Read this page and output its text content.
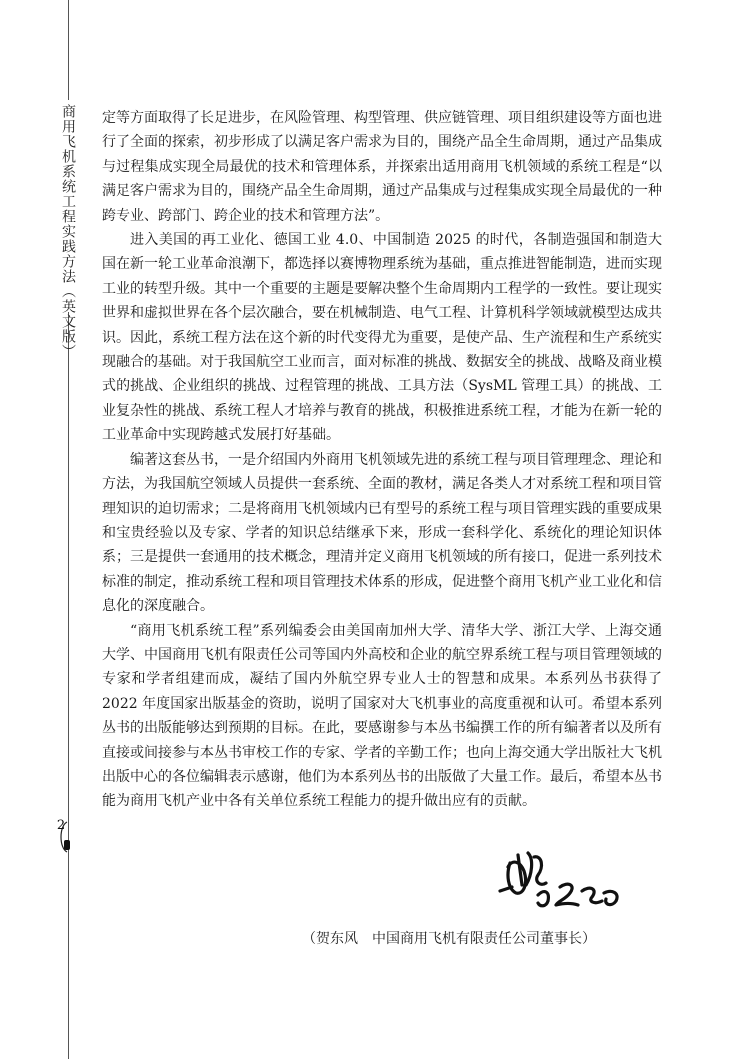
商用飞机系统工程实践方法（英文版）
2

定等方面取得了长足进步，在风险管理、构型管理、供应链管理、项目组织建设等方面也进行了全面的探索，初步形成了以满足客户需求为目的，围绕产品全生命周期，通过产品集成与过程集成实现全局最优的技术和管理体系，并探索出适用商用飞机领域的系统工程是“以满足客户需求为目的，围绕产品全生命周期，通过产品集成与过程集成实现全局最优的一种跨专业、跨部门、跨企业的技术和管理方法”。

进入美国的再工业化、德国工业 4.0、中国制造 2025 的时代，各制造强国和制造大国在新一轮工业革命浪潮下，都选择以赛博物理系统为基础，重点推进智能制造，进而实现工业的转型升级。其中一个重要的主题是要解决整个生命周期内工程学的一致性。要让现实世界和虚拟世界在各个层次融合，要在机械制造、电气工程、计算机科学领域就模型达成共识。因此，系统工程方法在这个新的时代变得尤为重要，是使产品、生产流程和生产系统实现融合的基础。对于我国航空工业而言，面对标准的挑战、数据安全的挑战、战略及商业模式的挑战、企业组织的挑战、过程管理的挑战、工具方法（SysML 管理工具）的挑战、工业复杂性的挑战、系统工程人才培养与教育的挑战，积极推进系统工程，才能为在新一轮的工业革命中实现跨越式发展打好基础。

编著这套丛书，一是介绍国内外商用飞机领域先进的系统工程与项目管理理念、理论和方法，为我国航空领域人员提供一套系统、全面的教材，满足各类人才对系统工程和项目管理知识的迫切需求；二是将商用飞机领域内已有型号的系统工程与项目管理实践的重要成果和宝贵经验以及专家、学者的知识总结继承下来，形成一套科学化、系统化的理论知识体系；三是提供一套通用的技术概念，理清并定义商用飞机领域的所有接口，促进一系列技术标准的制定，推动系统工程和项目管理技术体系的形成，促进整个商用飞机产业工业化和信息化的深度融合。

“商用飞机系统工程”系列编委会由美国南加州大学、清华大学、浙江大学、上海交通大学、中国商用飞机有限责任公司等国内外高校和企业的航空界系统工程与项目管理领域的专家和学者组建而成，凝结了国内外航空界专业人士的智慧和成果。本系列丛书获得了 2022 年度国家出版基金的资助，说明了国家对大飞机事业的高度重视和认可。希望本系列丛书的出版能够达到预期的目标。在此，要感谢参与本丛书编撰工作的所有编著者以及所有直接或间接参与本丛书审校工作的专家、学者的辛勤工作；也向上海交通大学出版社大飞机出版中心的各位编辑表示感谢，他们为本系列丛书的出版做了大量工作。最后，希望本丛书能为商用飞机产业中各有关单位系统工程能力的提升做出应有的贡献。

（贺东风　中国商用飞机有限责任公司董事长）
